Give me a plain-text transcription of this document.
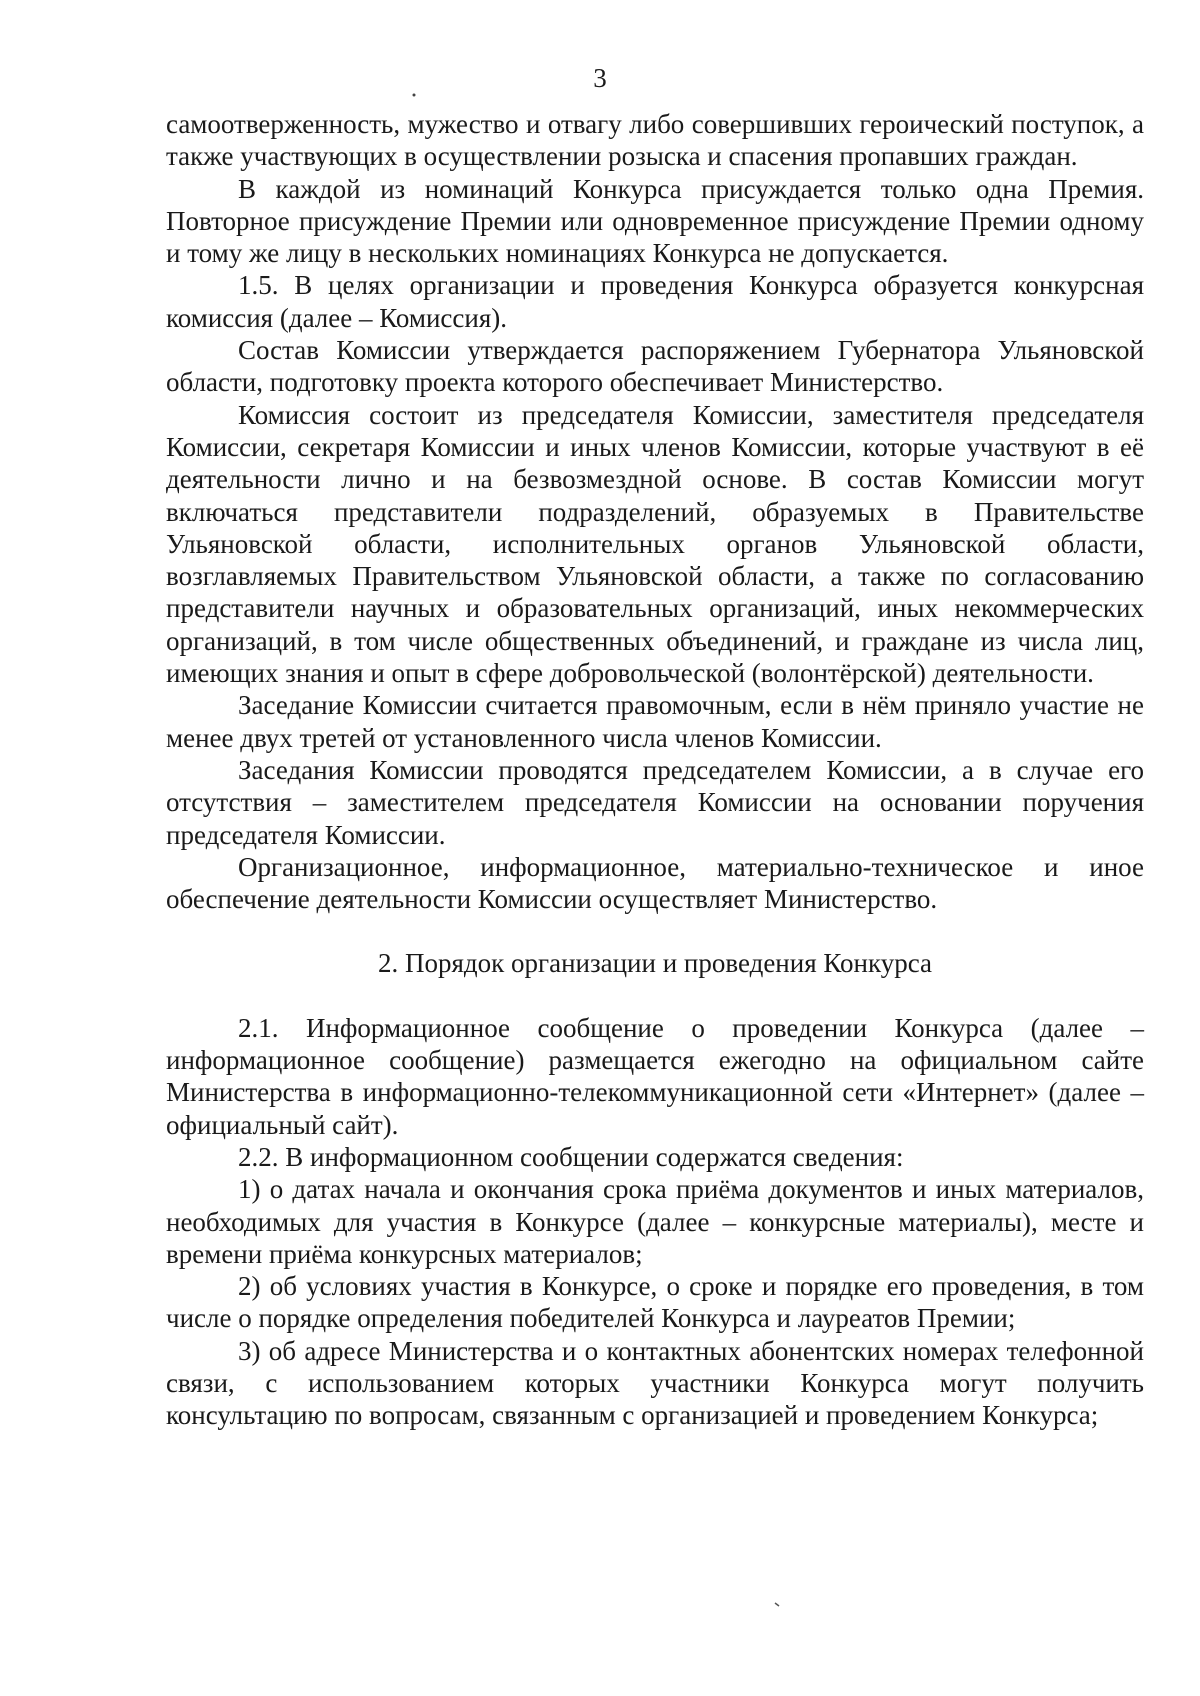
3

самоотверженность, мужество и отвагу либо совершивших героический поступок, а также участвующих в осуществлении розыска и спасения пропавших граждан.

В каждой из номинаций Конкурса присуждается только одна Премия. Повторное присуждение Премии или одновременное присуждение Премии одному и тому же лицу в нескольких номинациях Конкурса не допускается.

1.5. В целях организации и проведения Конкурса образуется конкурсная комиссия (далее – Комиссия).

Состав Комиссии утверждается распоряжением Губернатора Ульяновской области, подготовку проекта которого обеспечивает Министерство.

Комиссия состоит из председателя Комиссии, заместителя председателя Комиссии, секретаря Комиссии и иных членов Комиссии, которые участвуют в её деятельности лично и на безвозмездной основе. В состав Комиссии могут включаться представители подразделений, образуемых в Правительстве Ульяновской области, исполнительных органов Ульяновской области, возглавляемых Правительством Ульяновской области, а также по согласованию представители научных и образовательных организаций, иных некоммерческих организаций, в том числе общественных объединений, и граждане из числа лиц, имеющих знания и опыт в сфере добровольческой (волонтёрской) деятельности.

Заседание Комиссии считается правомочным, если в нём приняло участие не менее двух третей от установленного числа членов Комиссии.

Заседания Комиссии проводятся председателем Комиссии, а в случае его отсутствия – заместителем председателя Комиссии на основании поручения председателя Комиссии.

Организационное, информационное, материально-техническое и иное обеспечение деятельности Комиссии осуществляет Министерство.

2. Порядок организации и проведения Конкурса

2.1. Информационное сообщение о проведении Конкурса (далее – информационное сообщение) размещается ежегодно на официальном сайте Министерства в информационно-телекоммуникационной сети «Интернет» (далее – официальный сайт).

2.2. В информационном сообщении содержатся сведения:

1) о датах начала и окончания срока приёма документов и иных материалов, необходимых для участия в Конкурсе (далее – конкурсные материалы), месте и времени приёма конкурсных материалов;

2) об условиях участия в Конкурсе, о сроке и порядке его проведения, в том числе о порядке определения победителей Конкурса и лауреатов Премии;

3) об адресе Министерства и о контактных абонентских номерах телефонной связи, с использованием которых участники Конкурса могут получить консультацию по вопросам, связанным с организацией и проведением Конкурса;
